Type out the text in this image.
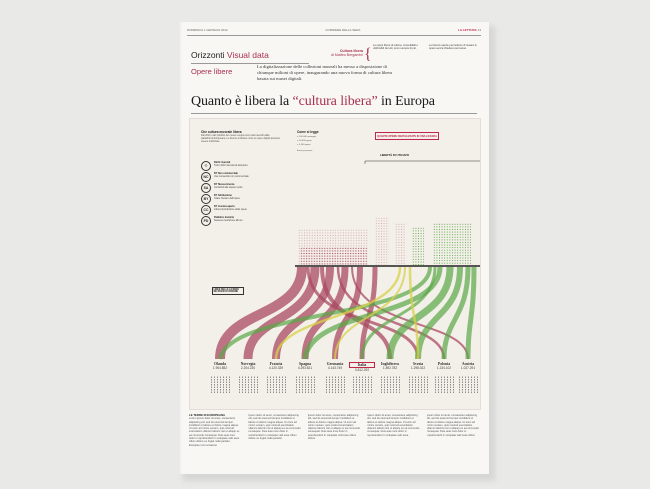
DOMENICA 1 GENNAIO 2012	CORRIERE DELLA SERA	LA LETTURA 13
Orizzonti Visual data	Cultura libera
di Matteo Bergamini {
Le opere libere di cultura, consultabili e utilizzabili da tutti, sono sempre di più.
Le licenze aperte permettono di riusare le opere senza chiedere permesso.
Opere libere
La digitalizzazione delle collezioni museali ha messo a disposizione di chiunque milioni di opere, inaugurando una nuova forma di cultura libera basata sui musei digitali.
Quanto è libera la “cultura libera” in Europa
Che cultura museale libera
Dal 2010 i dati pubblici dei musei europei sono stati raccolti dalla piattaforma Europeana. Le licenze indicano come le opere digitali possono essere riutilizzate.
©
Diritti riservati
Tutti i diritti riservati al detentore
NC
BY Non commerciale
Uso consentito non commerciale
SA
BY Stessa licenza
Condividi allo stesso modo
BY
BY Attribuzione
Citare l'autore dell'opera
CC
BY Licenza aperta
Libera riproduzione delle opere
PD
Pubblico dominio
Nessuna restrizione all'uso
Come si legge
= 100.000 immagini
= 10.000 opere
= 1.000 opere
flussi per paese
QUANTE OPERE DIGITALIZZATE IN UNA LICENZA
LIBERTÀ DI UTILIZZO
LINEE DELLE LICENZE NEI PAESI DI ORIGINE
Olanda
1.904.852
Norvegia
2.204.230
Francia
4.120.339
Spagna
4.293.821
Germania
4.143.749
Italia
3.812.292
Inghilterra
1.892.782
Svezia
1.298.022
Polonia
1.234.102
Austria
1.027.291
LE TERRE DI EUROPEANA
Lorem ipsum dolor sit amet, consectetur adipiscing elit, sed do eiusmod tempor incididunt ut labore et dolore magna aliqua. Ut enim ad minim veniam, quis nostrud exercitation ullamco laboris nisi ut aliquip ex ea commodo consequat. Duis aute irure dolor in reprehenderit in voluptate velit esse cillum dolore eu fugiat nulla pariatur. Excepteur sint occaecat.
Ipsum dolor sit amet, consectetur adipiscing elit, sed do eiusmod tempor incididunt ut labore et dolore magna aliqua. Ut enim ad minim veniam, quis nostrud exercitation ullamco laboris nisi ut aliquip ex ea commodo consequat. Duis aute irure dolor in reprehenderit in voluptate velit esse cillum dolore eu fugiat nulla pariatur.
Ipsum dolor sit amet, consectetur adipiscing elit, sed do eiusmod tempor incididunt ut labore et dolore magna aliqua. Ut enim ad minim veniam, quis nostrud exercitation ullamco laboris nisi ut aliquip ex ea commodo consequat. Duis aute irure dolor in reprehenderit in voluptate velit esse cillum dolore.
Ipsum dolor sit amet, consectetur adipiscing elit, sed do eiusmod tempor incididunt ut labore et dolore magna aliqua. Ut enim ad minim veniam, quis nostrud exercitation ullamco laboris nisi ut aliquip ex ea commodo consequat. Duis aute irure dolor in reprehenderit in voluptate velit esse.
Ipsum dolor sit amet, consectetur adipiscing elit, sed do eiusmod tempor incididunt ut labore et dolore magna aliqua. Ut enim ad minim veniam, quis nostrud exercitation ullamco laboris nisi ut aliquip ex ea commodo consequat. Duis aute irure dolor in reprehenderit in voluptate velit esse cillum.
